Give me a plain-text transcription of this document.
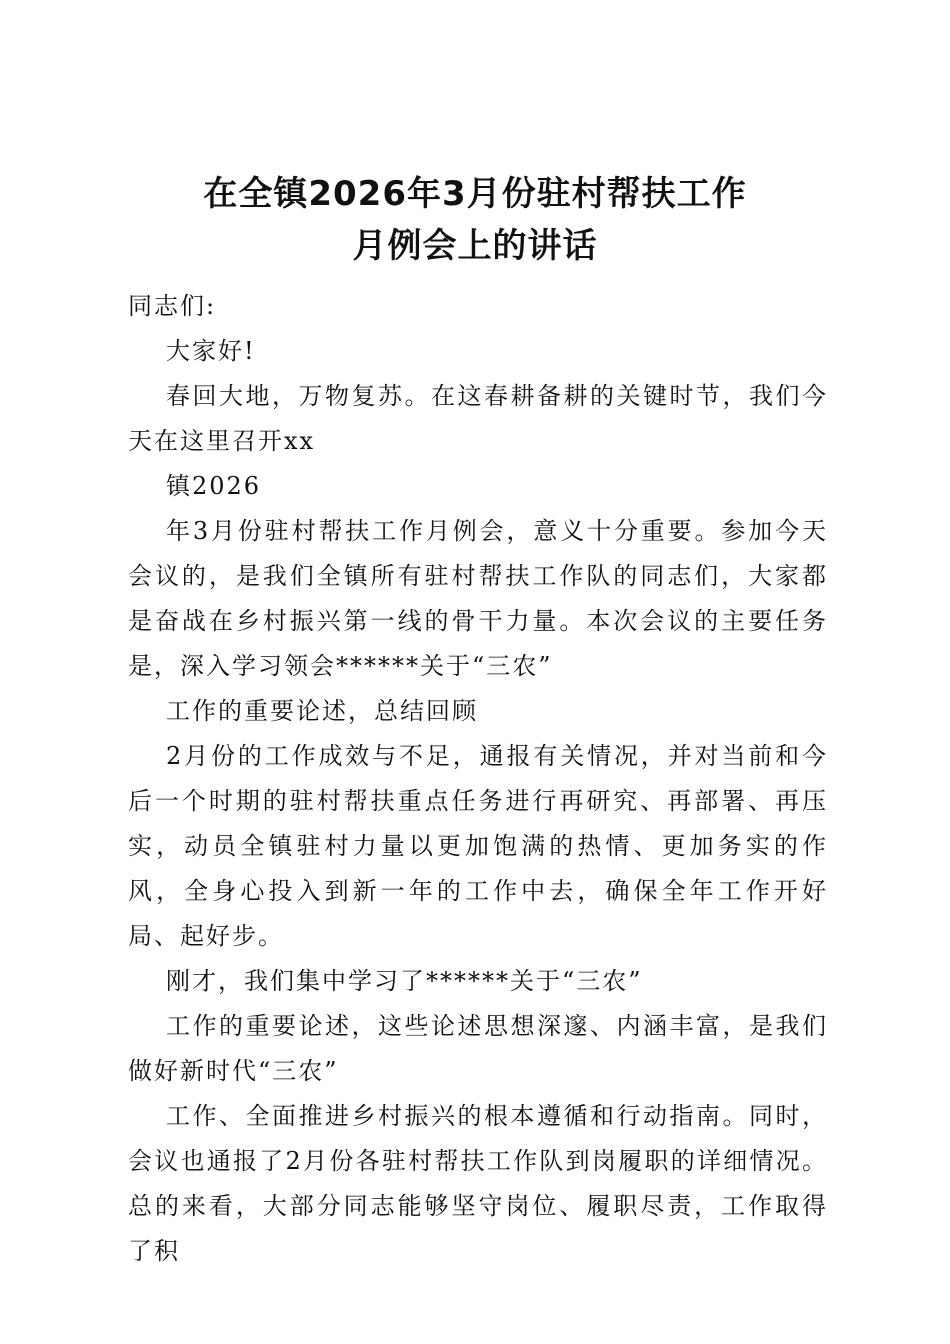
在全镇2026年3月份驻村帮扶工作
月例会上的讲话

同志们:

大家好!

春回大地，万物复苏。在这春耕备耕的关键时节，我们今天在这里召开xx

镇2026

年3月份驻村帮扶工作月例会，意义十分重要。参加今天会议的，是我们全镇所有驻村帮扶工作队的同志们，大家都是奋战在乡村振兴第一线的骨干力量。本次会议的主要任务是，深入学习领会******关于“三农”

工作的重要论述，总结回顾

2月份的工作成效与不足，通报有关情况，并对当前和今后一个时期的驻村帮扶重点任务进行再研究、再部署、再压实，动员全镇驻村力量以更加饱满的热情、更加务实的作风，全身心投入到新一年的工作中去，确保全年工作开好局、起好步。

刚才，我们集中学习了******关于“三农”

工作的重要论述，这些论述思想深邃、内涵丰富，是我们做好新时代“三农”

工作、全面推进乡村振兴的根本遵循和行动指南。同时，会议也通报了2月份各驻村帮扶工作队到岗履职的详细情况。总的来看，大部分同志能够坚守岗位、履职尽责，工作取得了积
